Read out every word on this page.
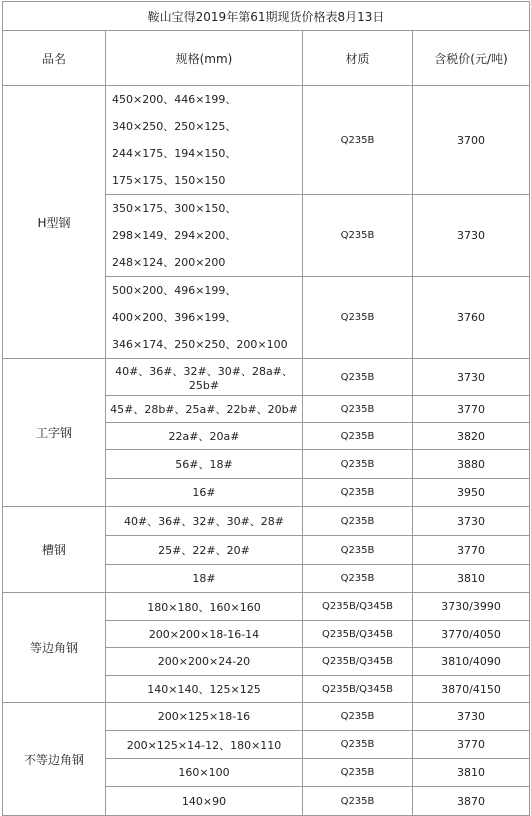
鞍山宝得2019年第61期现货价格表8月13日			
品名	规格(mm)	材质	含税价(元/吨)
H型钢	450×200、446×199、340×250、250×125、244×175、194×150、175×175、150×150	Q235B	3700
	350×175、300×150、298×149、294×200、248×124、200×200	Q235B	3730
	500×200、496×199、400×200、396×199、346×174、250×250、200×100	Q235B	3760
工字钢	40#、36#、32#、30#、28a#、25b#	Q235B	3730
	45#、28b#、25a#、22b#、20b#	Q235B	3770
	22a#、20a#	Q235B	3820
	56#、18#	Q235B	3880
	16#	Q235B	3950
槽钢	40#、36#、32#、30#、28#	Q235B	3730
	25#、22#、20#	Q235B	3770
	18#	Q235B	3810
等边角钢	180×180、160×160	Q235B/Q345B	3730/3990
	200×200×18-16-14	Q235B/Q345B	3770/4050
	200×200×24-20	Q235B/Q345B	3810/4090
	140×140、125×125	Q235B/Q345B	3870/4150
不等边角钢	200×125×18-16	Q235B	3730
	200×125×14-12、180×110	Q235B	3770
	160×100	Q235B	3810
	140×90	Q235B	3870
